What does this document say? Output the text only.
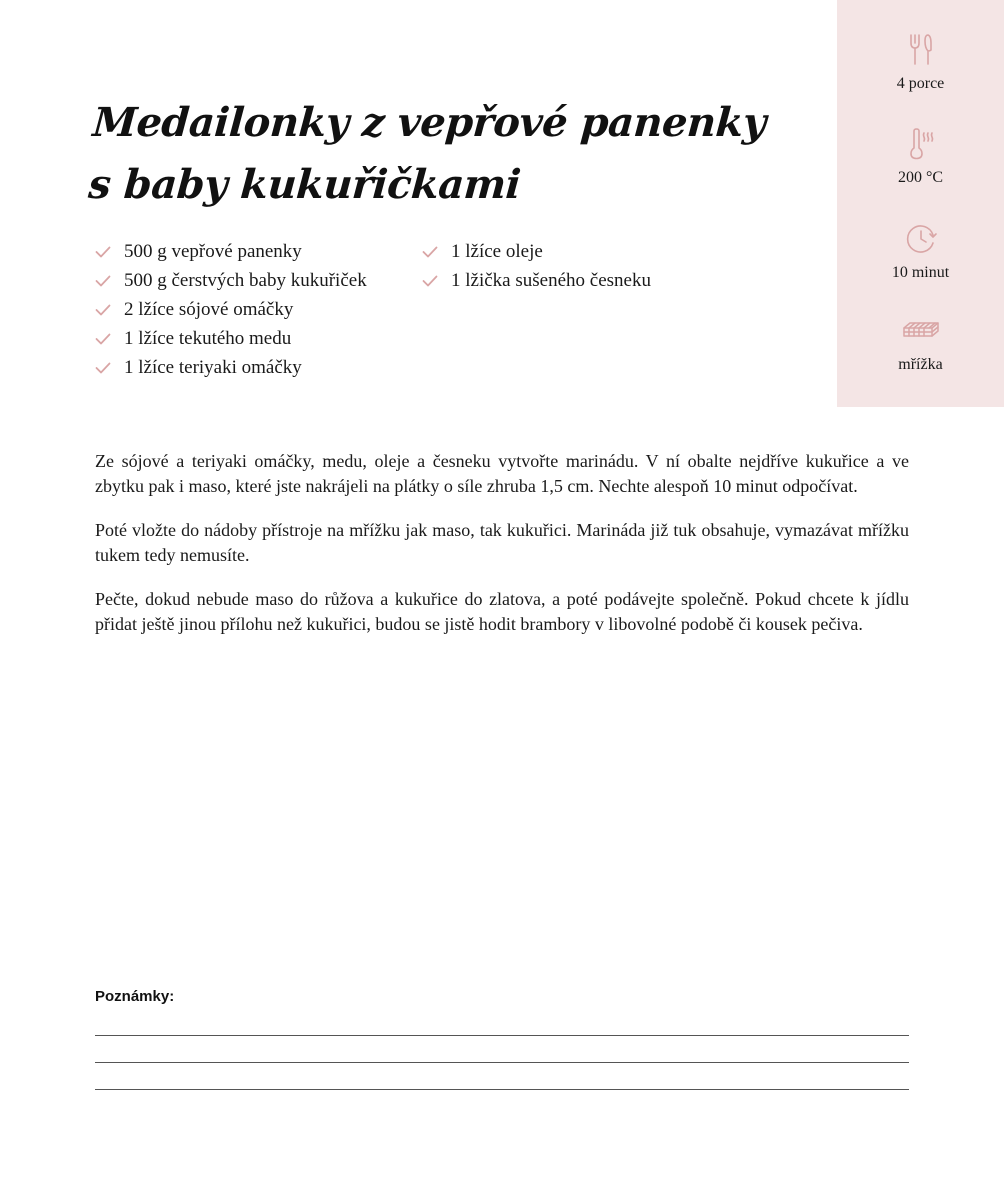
4 porce
200 °C
10 minut
mřížka
Medailonky z vepřové panenky
s baby kukuřičkami
500 g vepřové panenky
500 g čerstvých baby kukuřiček
2 lžíce sójové omáčky
1 lžíce tekutého medu
1 lžíce teriyaki omáčky
1 lžíce oleje
1 lžička sušeného česneku

Ze sójové a teriyaki omáčky, medu, oleje a česneku vytvořte marinádu. V ní obalte nejdříve kukuřice a ve zbytku pak i maso, které jste nakrájeli na plátky o síle zhruba 1,5 cm. Nechte alespoň 10 minut odpočívat.

Poté vložte do nádoby přístroje na mřížku jak maso, tak kukuřici. Marináda již tuk obsahuje, vymazávat mřížku tukem tedy nemusíte.

Pečte, dokud nebude maso do růžova a kukuřice do zlatova, a poté podávejte společně. Pokud chcete k jídlu přidat ještě jinou přílohu než kukuřici, budou se jistě hodit brambory v libovolné podobě či kousek pečiva.

Poznámky:
